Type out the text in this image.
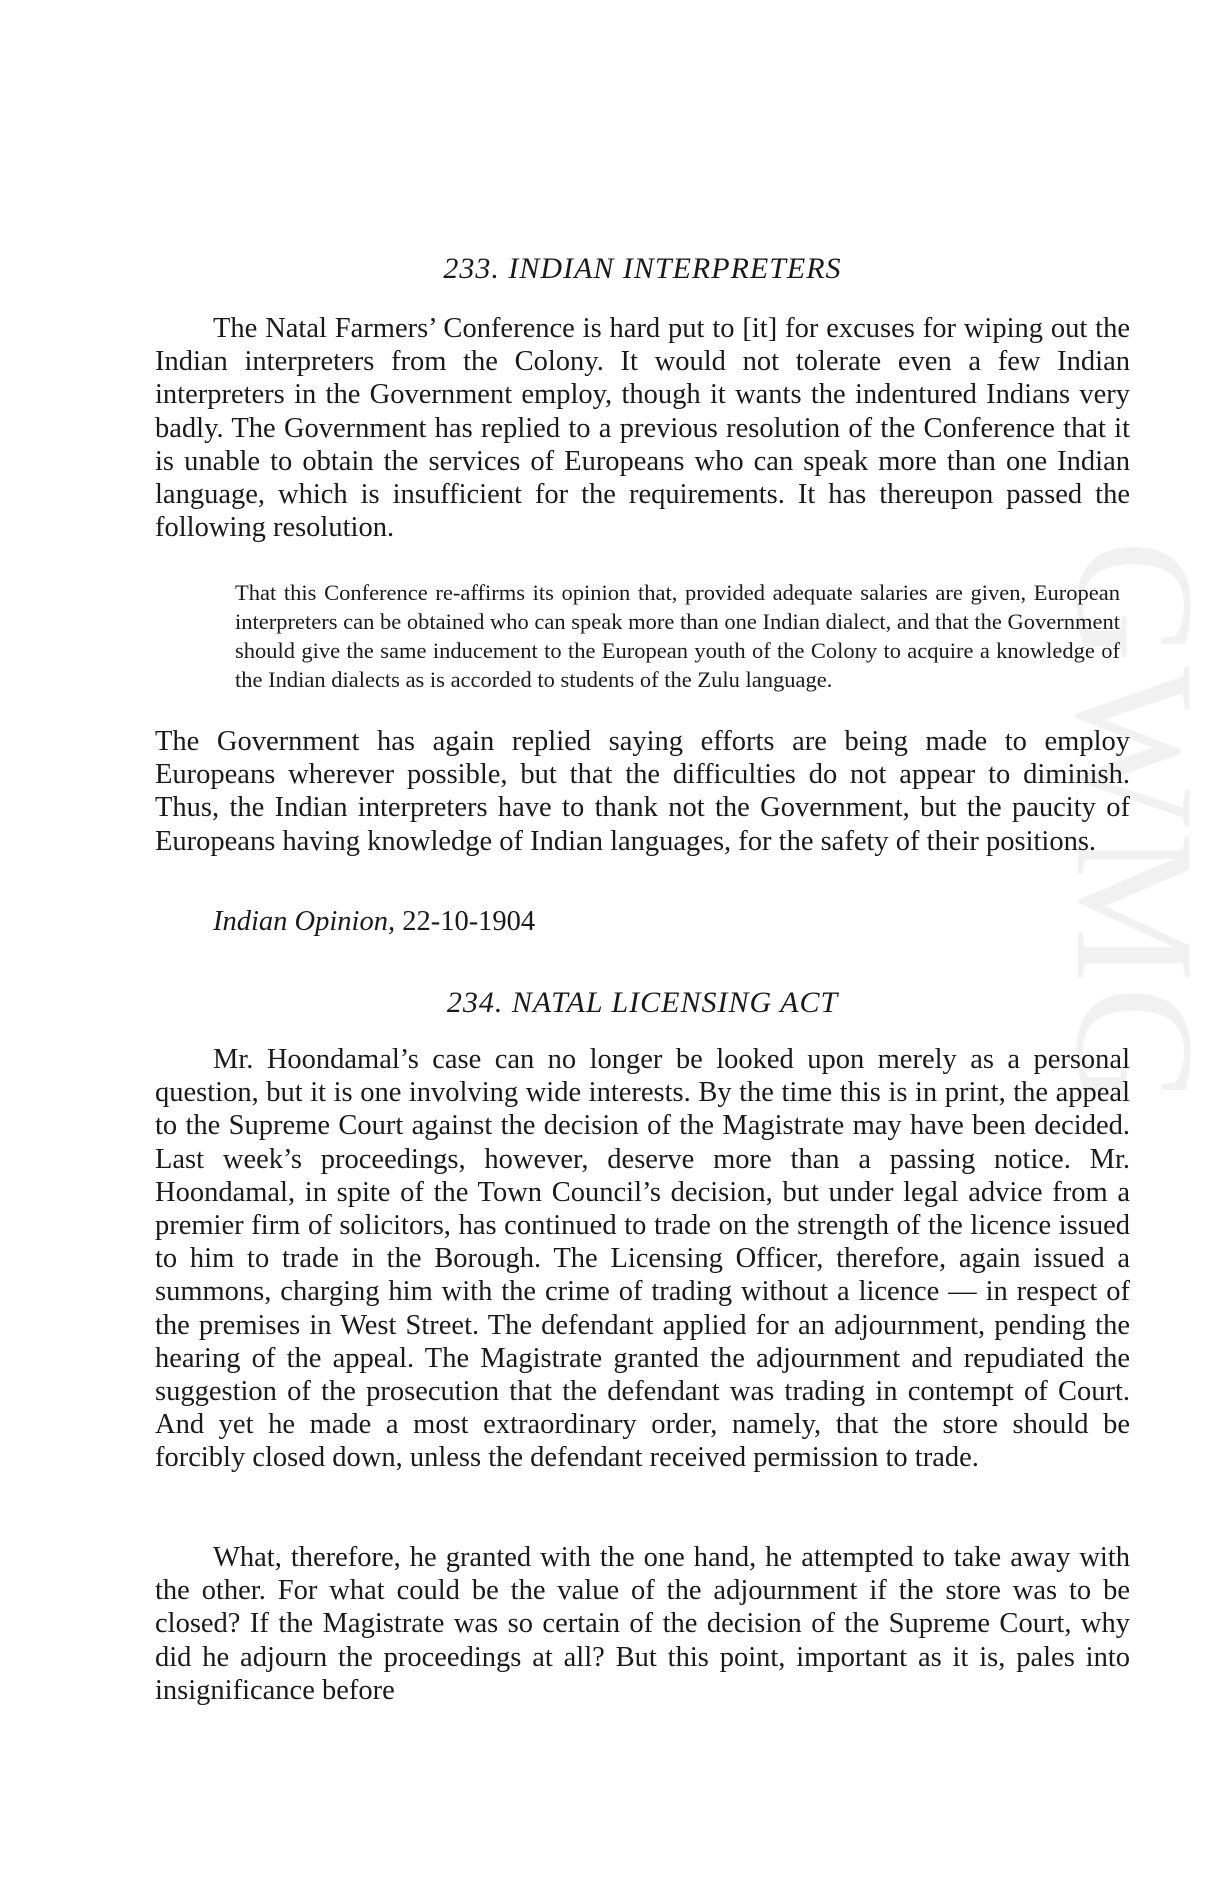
GWMG
233. INDIAN INTERPRETERS

The Natal Farmers’ Conference is hard put to [it] for excuses for wiping out the Indian interpreters from the Colony. It would not tolerate even a few Indian interpreters in the Government employ, though it wants the indentured Indians very badly. The Government has replied to a previous resolution of the Conference that it is unable to obtain the services of Europeans who can speak more than one Indian language, which is insufficient for the requirements. It has thereupon passed the following resolution.

That this Conference re-affirms its opinion that, provided adequate salaries are given, European interpreters can be obtained who can speak more than one Indian dialect, and that the Government should give the same inducement to the European youth of the Colony to acquire a knowledge of the Indian dialects as is accorded to students of the Zulu language.

The Government has again replied saying efforts are being made to employ Europeans wherever possible, but that the difficulties do not appear to diminish. Thus, the Indian interpreters have to thank not the Government, but the paucity of Europeans having knowledge of Indian languages, for the safety of their positions.

Indian Opinion, 22-10-1904
234. NATAL LICENSING ACT

Mr. Hoondamal’s case can no longer be looked upon merely as a personal question, but it is one involving wide interests. By the time this is in print, the appeal to the Supreme Court against the decision of the Magistrate may have been decided. Last week’s proceedings, however, deserve more than a passing notice. Mr. Hoondamal, in spite of the Town Council’s decision, but under legal advice from a premier firm of solicitors, has continued to trade on the strength of the licence issued to him to trade in the Borough. The Licensing Officer, therefore, again issued a summons, charging him with the crime of trading without a licence — in respect of the premises in West Street. The defendant applied for an adjournment, pending the hearing of the appeal. The Magistrate granted the adjournment and repudiated the suggestion of the prosecution that the defendant was trading in contempt of Court. And yet he made a most extraordinary order, namely, that the store should be forcibly closed down, unless the defendant received permission to trade.

What, therefore, he granted with the one hand, he attempted to take away with the other. For what could be the value of the adjournment if the store was to be closed? If the Magistrate was so certain of the decision of the Supreme Court, why did he adjourn the proceedings at all? But this point, important as it is, pales into insignificance before
